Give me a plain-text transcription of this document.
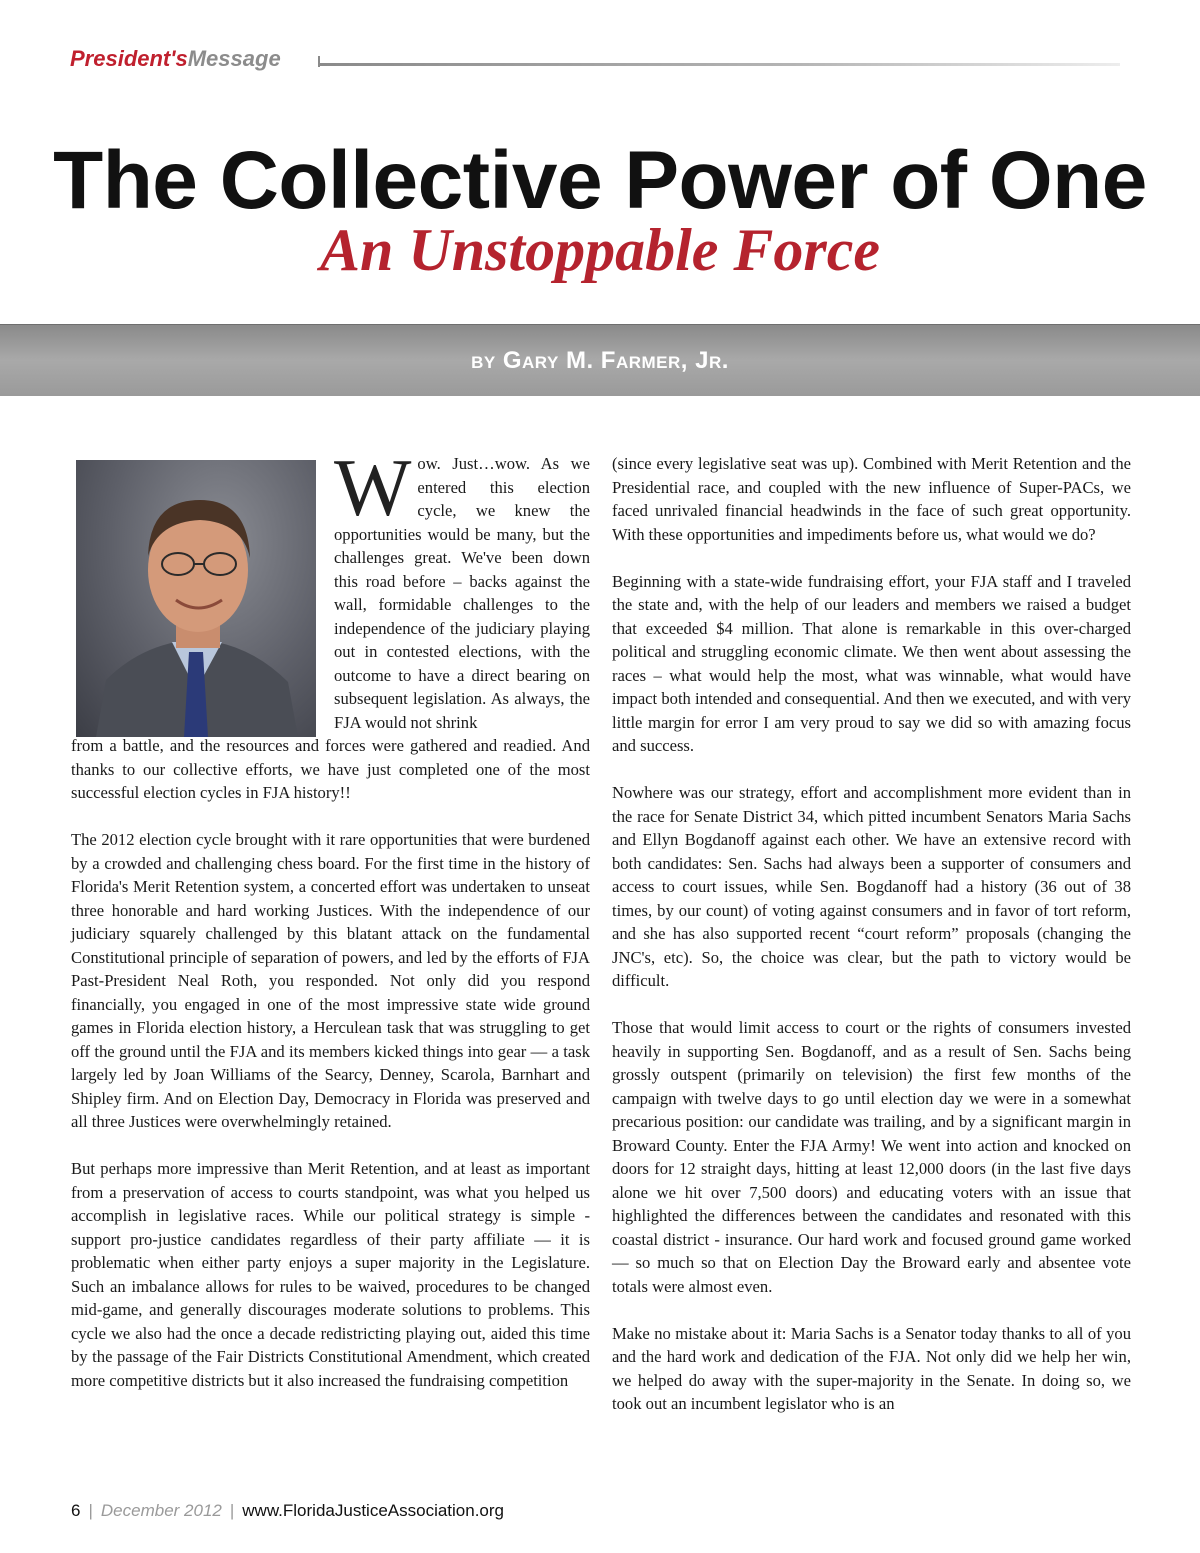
President'sMessage
The Collective Power of One
An Unstoppable Force
by Gary M. Farmer, Jr.
Wow. Just…wow. As we entered this election cycle, we knew the opportunities would be many, but the challenges great. We've been down this road before – backs against the wall, formidable challenges to the independence of the judiciary playing out in contested elections, with the outcome to have a direct bearing on subsequent legislation. As always, the FJA would not shrink

from a battle, and the resources and forces were gathered and readied. And thanks to our collective efforts, we have just completed one of the most successful election cycles in FJA history!!

The 2012 election cycle brought with it rare opportunities that were burdened by a crowded and challenging chess board. For the first time in the history of Florida's Merit Retention system, a concerted effort was undertaken to unseat three honorable and hard working Justices. With the independence of our judiciary squarely challenged by this blatant attack on the fundamental Constitutional principle of separation of powers, and led by the efforts of FJA Past-President Neal Roth, you responded. Not only did you respond financially, you engaged in one of the most impressive state wide ground games in Florida election history, a Herculean task that was struggling to get off the ground until the FJA and its members kicked things into gear — a task largely led by Joan Williams of the Searcy, Denney, Scarola, Barnhart and Shipley firm. And on Election Day, Democracy in Florida was preserved and all three Justices were overwhelmingly retained.

But perhaps more impressive than Merit Retention, and at least as important from a preservation of access to courts standpoint, was what you helped us accomplish in legislative races. While our political strategy is simple - support pro-justice candidates regardless of their party affiliate — it is problematic when either party enjoys a super majority in the Legislature. Such an imbalance allows for rules to be waived, procedures to be changed mid-game, and generally discourages moderate solutions to problems. This cycle we also had the once a decade redistricting playing out, aided this time by the passage of the Fair Districts Constitutional Amendment, which created more competitive districts but it also increased the fundraising competition

(since every legislative seat was up). Combined with Merit Retention and the Presidential race, and coupled with the new influence of Super-PACs, we faced unrivaled financial headwinds in the face of such great opportunity. With these opportunities and impediments before us, what would we do?

Beginning with a state-wide fundraising effort, your FJA staff and I traveled the state and, with the help of our leaders and members we raised a budget that exceeded $4 million. That alone is remarkable in this over-charged political and struggling economic climate. We then went about assessing the races – what would help the most, what was winnable, what would have impact both intended and consequential. And then we executed, and with very little margin for error I am very proud to say we did so with amazing focus and success.

Nowhere was our strategy, effort and accomplishment more evident than in the race for Senate District 34, which pitted incumbent Senators Maria Sachs and Ellyn Bogdanoff against each other. We have an extensive record with both candidates: Sen. Sachs had always been a supporter of consumers and access to court issues, while Sen. Bogdanoff had a history (36 out of 38 times, by our count) of voting against consumers and in favor of tort reform, and she has also supported recent “court reform” proposals (changing the JNC's, etc). So, the choice was clear, but the path to victory would be difficult.

Those that would limit access to court or the rights of consumers invested heavily in supporting Sen. Bogdanoff, and as a result of Sen. Sachs being grossly outspent (primarily on television) the first few months of the campaign with twelve days to go until election day we were in a somewhat precarious position: our candidate was trailing, and by a significant margin in Broward County. Enter the FJA Army! We went into action and knocked on doors for 12 straight days, hitting at least 12,000 doors (in the last five days alone we hit over 7,500 doors) and educating voters with an issue that highlighted the differences between the candidates and resonated with this coastal district - insurance. Our hard work and focused ground game worked — so much so that on Election Day the Broward early and absentee vote totals were almost even.

Make no mistake about it: Maria Sachs is a Senator today thanks to all of you and the hard work and dedication of the FJA. Not only did we help her win, we helped do away with the super-majority in the Senate. In doing so, we took out an incumbent legislator who is an

6 | December 2012 | www.FloridaJusticeAssociation.org
